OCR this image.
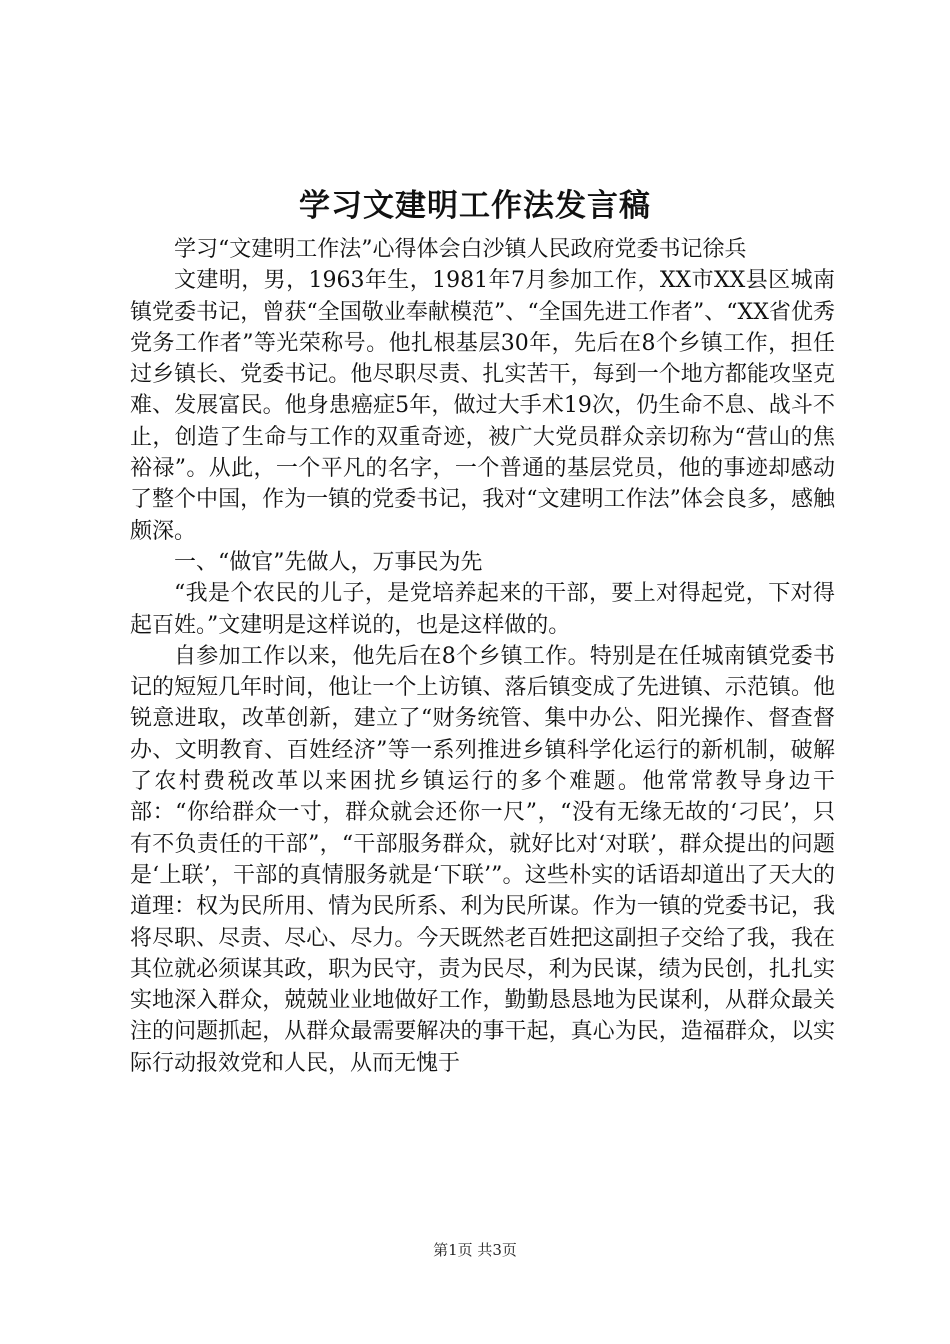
学习文建明工作法发言稿

学习“文建明工作法”心得体会白沙镇人民政府党委书记徐兵

文建明，男，1963年生，1981年7月参加工作，XX市XX县区城南镇党委书记，曾获“全国敬业奉献模范”、“全国先进工作者”、“XX省优秀党务工作者”等光荣称号。他扎根基层30年，先后在8个乡镇工作，担任过乡镇长、党委书记。他尽职尽责、扎实苦干，每到一个地方都能攻坚克难、发展富民。他身患癌症5年，做过大手术19次，仍生命不息、战斗不止，创造了生命与工作的双重奇迹，被广大党员群众亲切称为“营山的焦裕禄”。从此，一个平凡的名字，一个普通的基层党员，他的事迹却感动了整个中国，作为一镇的党委书记，我对“文建明工作法”体会良多，感触颇深。

一、“做官”先做人，万事民为先

“我是个农民的儿子，是党培养起来的干部，要上对得起党，下对得起百姓。”文建明是这样说的，也是这样做的。

自参加工作以来，他先后在8个乡镇工作。特别是在任城南镇党委书记的短短几年时间，他让一个上访镇、落后镇变成了先进镇、示范镇。他锐意进取，改革创新，建立了“财务统管、集中办公、阳光操作、督查督办、文明教育、百姓经济”等一系列推进乡镇科学化运行的新机制，破解了农村费税改革以来困扰乡镇运行的多个难题。他常常教导身边干部：“你给群众一寸，群众就会还你一尺”，“没有无缘无故的‘刁民’，只有不负责任的干部”，“干部服务群众，就好比对‘对联’，群众提出的问题是‘上联’，干部的真情服务就是‘下联’”。这些朴实的话语却道出了天大的道理：权为民所用、情为民所系、利为民所谋。作为一镇的党委书记，我将尽职、尽责、尽心、尽力。今天既然老百姓把这副担子交给了我，我在其位就必须谋其政，职为民守，责为民尽，利为民谋，绩为民创，扎扎实实地深入群众，兢兢业业地做好工作，勤勤恳恳地为民谋利，从群众最关注的问题抓起，从群众最需要解决的事干起，真心为民，造福群众，以实际行动报效党和人民，从而无愧于

第1页 共3页
